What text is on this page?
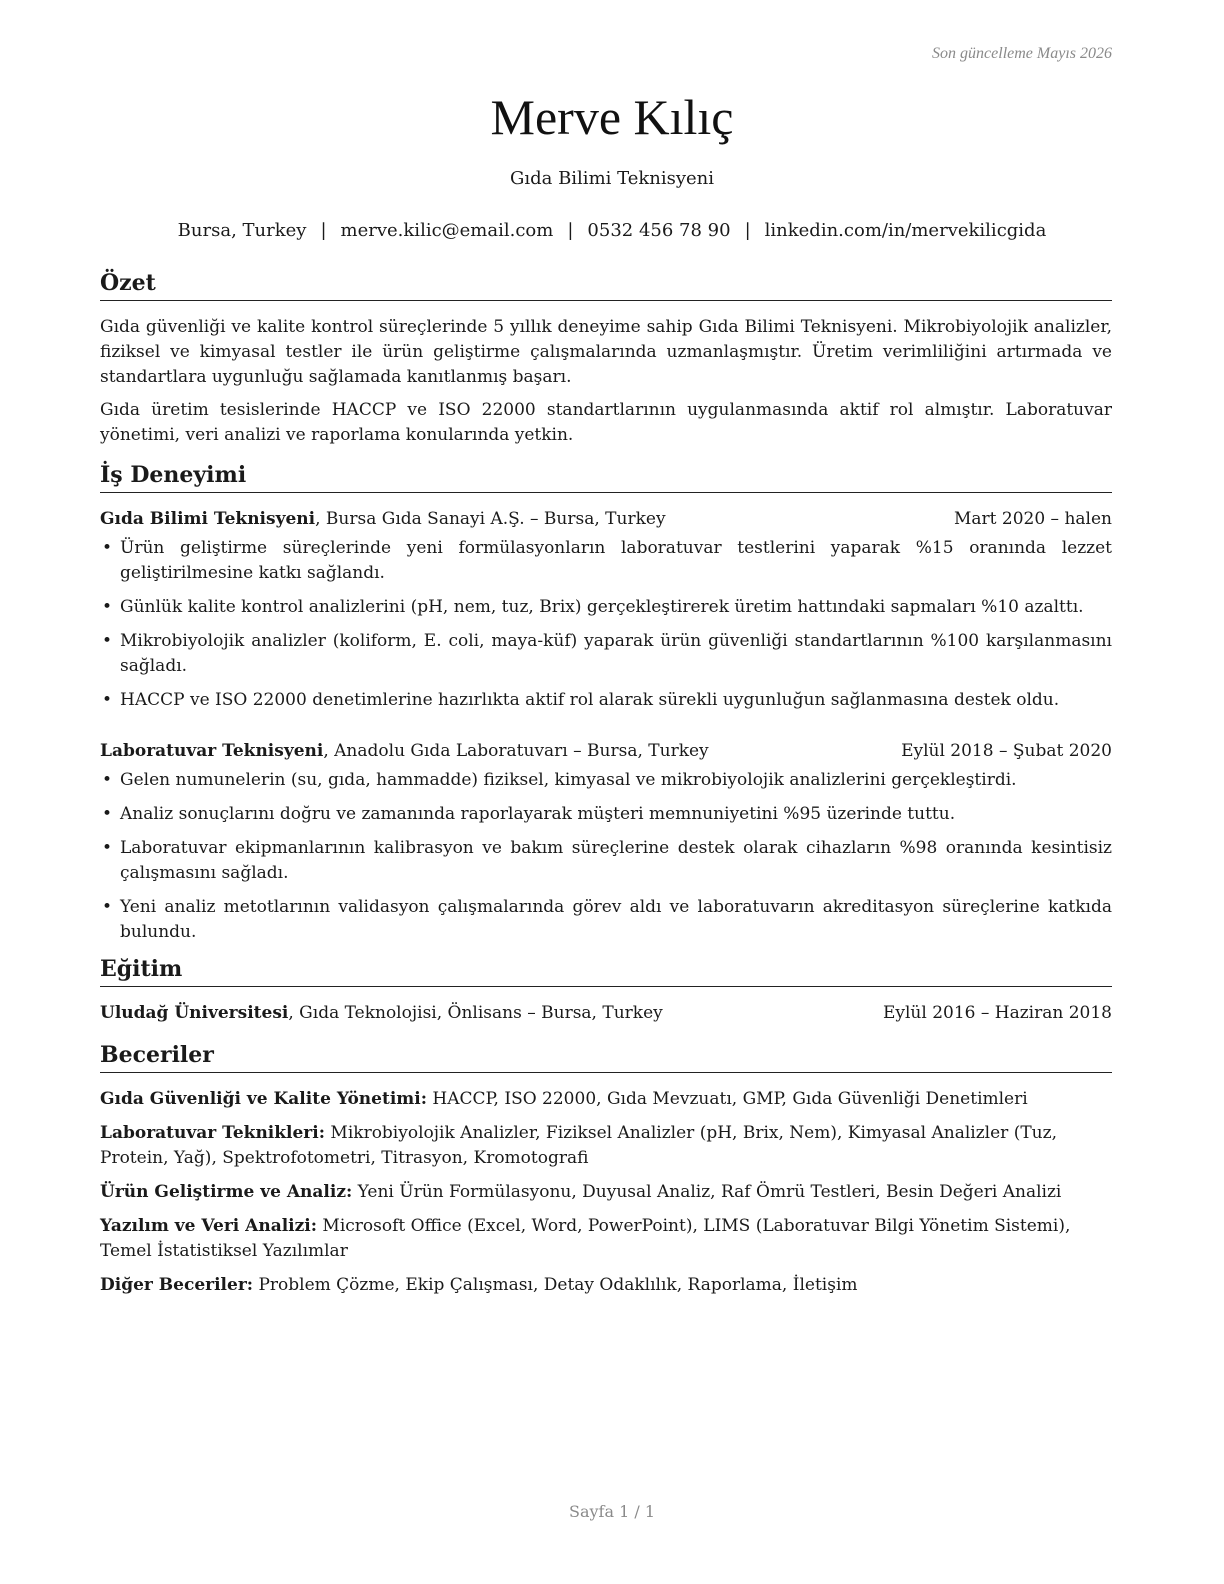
Son güncelleme Mayıs 2026
Merve Kılıç
Gıda Bilimi Teknisyeni
Bursa, Turkey | merve.kilic@email.com | 0532 456 78 90 | linkedin.com/in/mervekilicgida
Özet

Gıda güvenliği ve kalite kontrol süreçlerinde 5 yıllık deneyime sahip Gıda Bilimi Teknisyeni. Mikrobiyolojik analizler, fiziksel ve kimyasal testler ile ürün geliştirme çalışmalarında uzmanlaşmıştır. Üretim verimliliğini artırmada ve standartlara uygunluğu sağlamada kanıtlanmış başarı.

Gıda üretim tesislerinde HACCP ve ISO 22000 standartlarının uygulanmasında aktif rol almıştır. Laboratuvar yönetimi, veri analizi ve raporlama konularında yetkin.

İş Deneyimi
Gıda Bilimi Teknisyeni, Bursa Gıda Sanayi A.Ş. – Bursa, Turkey	Mart 2020 – halen
• Ürün geliştirme süreçlerinde yeni formülasyonların laboratuvar testlerini yaparak %15 oranında lezzet geliştirilmesine katkı sağlandı.
• Günlük kalite kontrol analizlerini (pH, nem, tuz, Brix) gerçekleştirerek üretim hattındaki sapmaları %10 azalttı.
• Mikrobiyolojik analizler (koliform, E. coli, maya-küf) yaparak ürün güvenliği standartlarının %100 karşılanmasını sağladı.
• HACCP ve ISO 22000 denetimlerine hazırlıkta aktif rol alarak sürekli uygunluğun sağlanmasına destek oldu.
Laboratuvar Teknisyeni, Anadolu Gıda Laboratuvarı – Bursa, Turkey	Eylül 2018 – Şubat 2020
• Gelen numunelerin (su, gıda, hammadde) fiziksel, kimyasal ve mikrobiyolojik analizlerini gerçekleştirdi.
• Analiz sonuçlarını doğru ve zamanında raporlayarak müşteri memnuniyetini %95 üzerinde tuttu.
• Laboratuvar ekipmanlarının kalibrasyon ve bakım süreçlerine destek olarak cihazların %98 oranında kesintisiz çalışmasını sağladı.
• Yeni analiz metotlarının validasyon çalışmalarında görev aldı ve laboratuvarın akreditasyon süreçlerine katkıda bulundu.
Eğitim
Uludağ Üniversitesi, Gıda Teknolojisi, Önlisans – Bursa, Turkey	Eylül 2016 – Haziran 2018
Beceriler
Gıda Güvenliği ve Kalite Yönetimi: HACCP, ISO 22000, Gıda Mevzuatı, GMP, Gıda Güvenliği Denetimleri
Laboratuvar Teknikleri: Mikrobiyolojik Analizler, Fiziksel Analizler (pH, Brix, Nem), Kimyasal Analizler (Tuz, Protein, Yağ), Spektrofotometri, Titrasyon, Kromotografi
Ürün Geliştirme ve Analiz: Yeni Ürün Formülasyonu, Duyusal Analiz, Raf Ömrü Testleri, Besin Değeri Analizi
Yazılım ve Veri Analizi: Microsoft Office (Excel, Word, PowerPoint), LIMS (Laboratuvar Bilgi Yönetim Sistemi), Temel İstatistiksel Yazılımlar
Diğer Beceriler: Problem Çözme, Ekip Çalışması, Detay Odaklılık, Raporlama, İletişim
Sayfa 1 / 1
